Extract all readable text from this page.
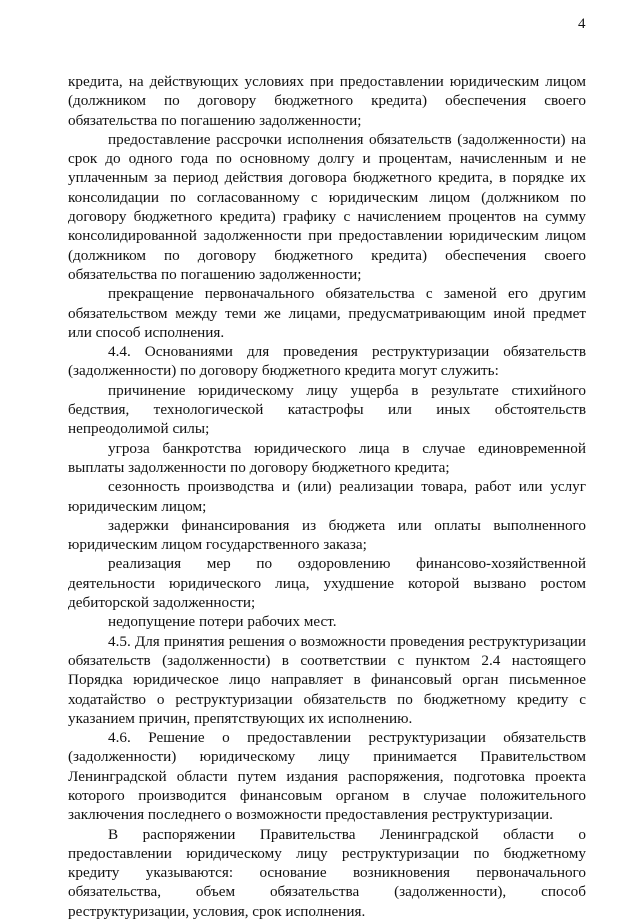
4

кредита, на действующих условиях при предоставлении юридическим лицом (должником по договору бюджетного кредита) обеспечения своего обязательства по погашению задолженности;

предоставление рассрочки исполнения обязательств (задолженности) на срок до одного года по основному долгу и процентам, начисленным и не уплаченным за период действия договора бюджетного кредита, в порядке их консолидации по согласованному с юридическим лицом (должником по договору бюджетного кредита) графику с начислением процентов на сумму консолидированной задолженности при предоставлении юридическим лицом (должником по договору бюджетного кредита) обеспечения своего обязательства по погашению задолженности;

прекращение первоначального обязательства с заменой его другим обязательством между теми же лицами, предусматривающим иной предмет или способ исполнения.

4.4. Основаниями для проведения реструктуризации обязательств (задолженности) по договору бюджетного кредита могут служить:

причинение юридическому лицу ущерба в результате стихийного бедствия, технологической катастрофы или иных обстоятельств непреодолимой силы;

угроза банкротства юридического лица в случае единовременной выплаты задолженности по договору бюджетного кредита;

сезонность производства и (или) реализации товара, работ или услуг юридическим лицом;

задержки финансирования из бюджета или оплаты выполненного юридическим лицом государственного заказа;

реализация мер по оздоровлению финансово-хозяйственной деятельности юридического лица, ухудшение которой вызвано ростом дебиторской задолженности;

недопущение потери рабочих мест.

4.5. Для принятия решения о возможности проведения реструктуризации обязательств (задолженности) в соответствии с пунктом 2.4 настоящего Порядка юридическое лицо направляет в финансовый орган письменное ходатайство о реструктуризации обязательств по бюджетному кредиту с указанием причин, препятствующих их исполнению.

4.6. Решение о предоставлении реструктуризации обязательств (задолженности) юридическому лицу принимается Правительством Ленинградской области путем издания распоряжения, подготовка проекта которого производится финансовым органом в случае положительного заключения последнего о возможности предоставления реструктуризации.

В распоряжении Правительства Ленинградской области о предоставлении юридическому лицу реструктуризации по бюджетному кредиту указываются: основание возникновения первоначального обязательства, объем обязательства (задолженности), способ реструктуризации, условия, срок исполнения.
